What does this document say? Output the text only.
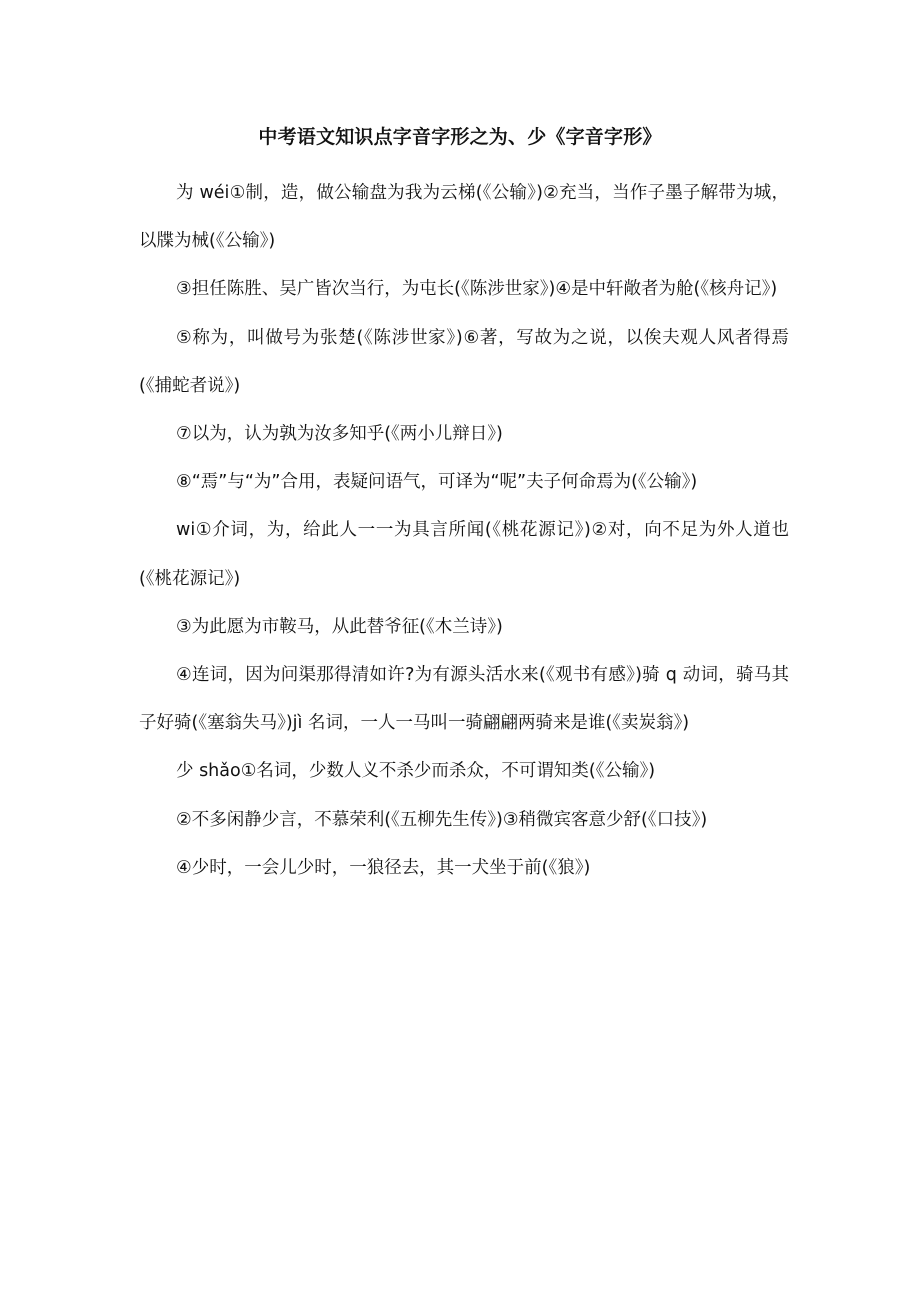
中考语文知识点字音字形之为、少《字音字形》

为 wéi①制，造，做公输盘为我为云梯(《公输》)②充当，当作子墨子解带为城，以牒为械(《公输》)

③担任陈胜、吴广皆次当行，为屯长(《陈涉世家》)④是中轩敞者为舱(《核舟记》)

⑤称为，叫做号为张楚(《陈涉世家》)⑥著，写故为之说，以俟夫观人风者得焉(《捕蛇者说》)

⑦以为，认为孰为汝多知乎(《两小儿辩日》)

⑧“焉”与“为”合用，表疑问语气，可译为“呢”夫子何命焉为(《公输》)

wi①介词，为，给此人一一为具言所闻(《桃花源记》)②对，向不足为外人道也(《桃花源记》)

③为此愿为市鞍马，从此替爷征(《木兰诗》)

④连词，因为问渠那得清如许?为有源头活水来(《观书有感》)骑 q 动词，骑马其子好骑(《塞翁失马》)jì 名词，一人一马叫一骑翩翩两骑来是谁(《卖炭翁》)

少 shǎo①名词，少数人义不杀少而杀众，不可谓知类(《公输》)

②不多闲静少言，不慕荣利(《五柳先生传》)③稍微宾客意少舒(《口技》)

④少时，一会儿少时，一狼径去，其一犬坐于前(《狼》)
